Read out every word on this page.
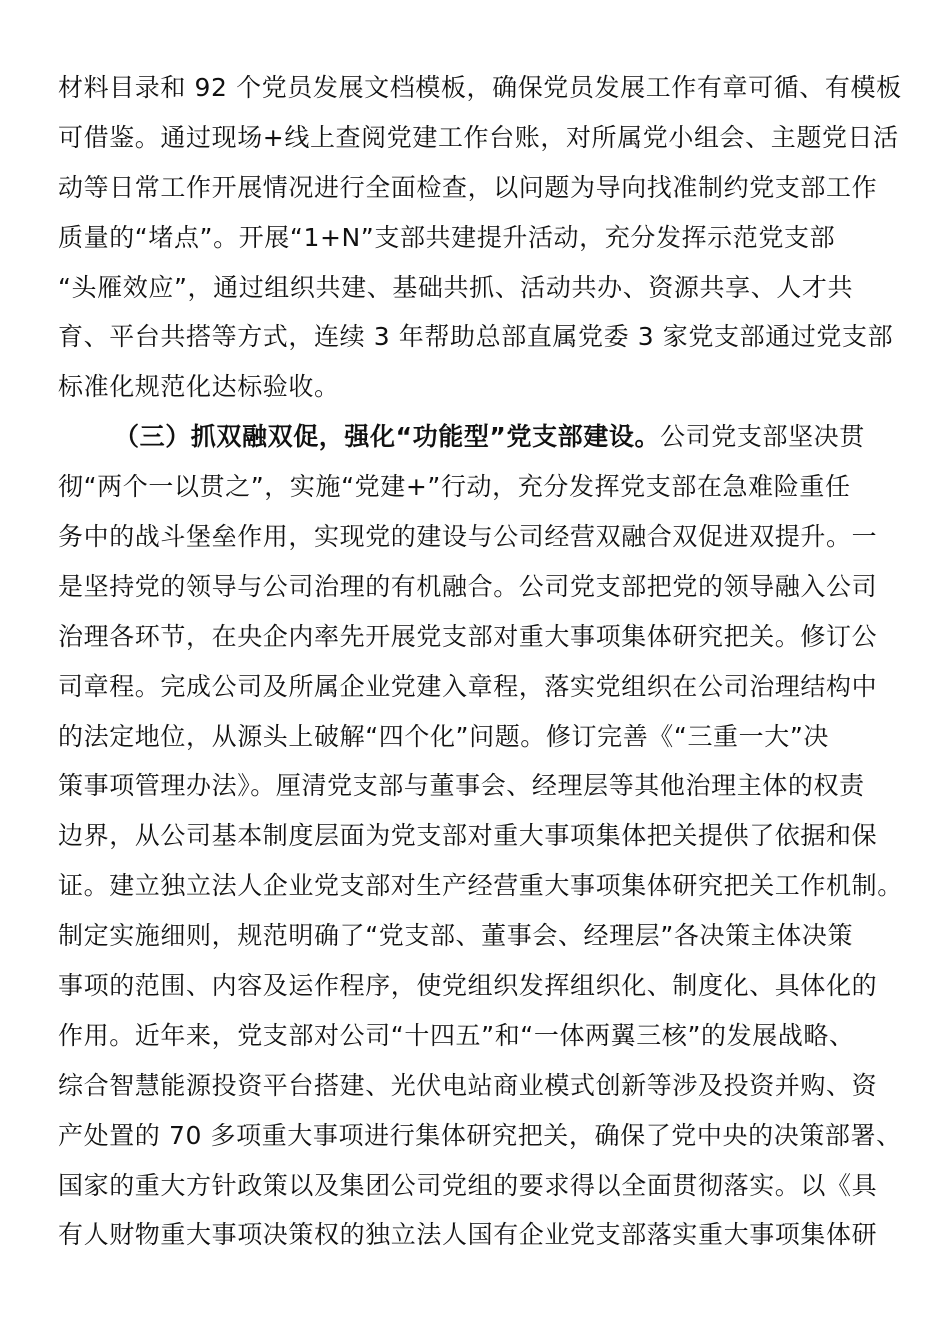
材料目录和 92 个党员发展文档模板，确保党员发展工作有章可循、有模板
可借鉴。通过现场+线上查阅党建工作台账，对所属党小组会、主题党日活
动等日常工作开展情况进行全面检查，以问题为导向找准制约党支部工作
质量的“堵点”。开展“1+N”支部共建提升活动，充分发挥示范党支部
“头雁效应”，通过组织共建、基础共抓、活动共办、资源共享、人才共
育、平台共搭等方式，连续 3 年帮助总部直属党委 3 家党支部通过党支部
标准化规范化达标验收。
（三）抓双融双促，强化“功能型”党支部建设。公司党支部坚决贯
彻“两个一以贯之”，实施“党建+”行动，充分发挥党支部在急难险重任
务中的战斗堡垒作用，实现党的建设与公司经营双融合双促进双提升。一
是坚持党的领导与公司治理的有机融合。公司党支部把党的领导融入公司
治理各环节，在央企内率先开展党支部对重大事项集体研究把关。修订公
司章程。完成公司及所属企业党建入章程，落实党组织在公司治理结构中
的法定地位，从源头上破解“四个化”问题。修订完善《“三重一大”决
策事项管理办法》。厘清党支部与董事会、经理层等其他治理主体的权责
边界，从公司基本制度层面为党支部对重大事项集体把关提供了依据和保
证。建立独立法人企业党支部对生产经营重大事项集体研究把关工作机制。
制定实施细则，规范明确了“党支部、董事会、经理层”各决策主体决策
事项的范围、内容及运作程序，使党组织发挥组织化、制度化、具体化的
作用。近年来，党支部对公司“十四五”和“一体两翼三核”的发展战略、
综合智慧能源投资平台搭建、光伏电站商业模式创新等涉及投资并购、资
产处置的 70 多项重大事项进行集体研究把关，确保了党中央的决策部署、
国家的重大方针政策以及集团公司党组的要求得以全面贯彻落实。以《具
有人财物重大事项决策权的独立法人国有企业党支部落实重大事项集体研
